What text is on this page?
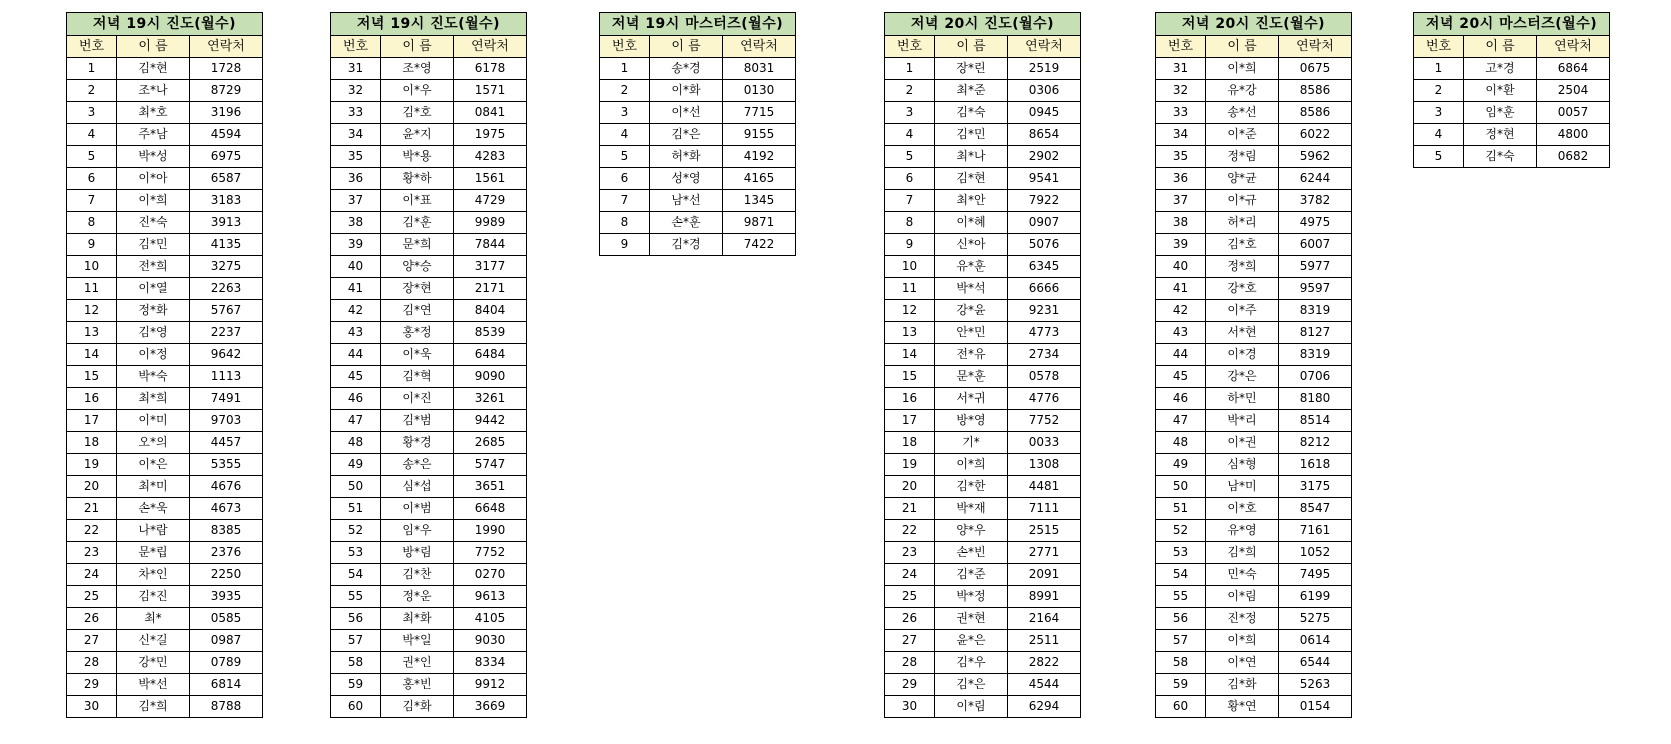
저녁 19시 진도(월수)		
번호	이 름	연락처
1	김*현	1728
2	조*나	8729
3	최*호	3196
4	주*남	4594
5	박*성	6975
6	이*아	6587
7	이*희	3183
8	진*숙	3913
9	김*민	4135
10	전*희	3275
11	이*열	2263
12	정*화	5767
13	김*영	2237
14	이*정	9642
15	박*숙	1113
16	최*희	7491
17	이*미	9703
18	오*의	4457
19	이*은	5355
20	최*미	4676
21	손*욱	4673
22	나*람	8385
23	문*립	2376
24	차*인	2250
25	김*진	3935
26	최*	0585
27	신*길	0987
28	강*민	0789
29	박*선	6814
30	김*희	8788
저녁 19시 진도(월수)		
번호	이 름	연락처
31	조*영	6178
32	이*우	1571
33	김*호	0841
34	윤*지	1975
35	박*용	4283
36	황*하	1561
37	이*표	4729
38	김*훈	9989
39	문*희	7844
40	양*승	3177
41	장*현	2171
42	김*연	8404
43	홍*정	8539
44	이*욱	6484
45	김*혁	9090
46	이*진	3261
47	김*범	9442
48	황*경	2685
49	송*은	5747
50	심*섭	3651
51	이*범	6648
52	임*우	1990
53	방*림	7752
54	김*찬	0270
55	정*운	9613
56	최*화	4105
57	박*일	9030
58	권*인	8334
59	홍*빈	9912
60	김*화	3669
저녁 19시 마스터즈(월수)		
번호	이 름	연락처
1	송*경	8031
2	이*화	0130
3	이*선	7715
4	김*은	9155
5	허*화	4192
6	성*영	4165
7	남*선	1345
8	손*훈	9871
9	김*경	7422
저녁 20시 진도(월수)		
번호	이 름	연락처
1	장*린	2519
2	최*준	0306
3	김*숙	0945
4	김*민	8654
5	최*나	2902
6	김*현	9541
7	최*안	7922
8	이*혜	0907
9	신*아	5076
10	유*훈	6345
11	박*석	6666
12	강*윤	9231
13	안*민	4773
14	전*유	2734
15	문*훈	0578
16	서*귀	4776
17	방*영	7752
18	기*	0033
19	이*희	1308
20	김*한	4481
21	박*재	7111
22	양*우	2515
23	손*빈	2771
24	김*준	2091
25	박*정	8991
26	권*현	2164
27	윤*은	2511
28	김*우	2822
29	김*은	4544
30	이*림	6294
저녁 20시 진도(월수)		
번호	이 름	연락처
31	이*희	0675
32	유*강	8586
33	송*선	8586
34	이*준	6022
35	정*림	5962
36	양*균	6244
37	이*규	3782
38	허*리	4975
39	김*호	6007
40	정*희	5977
41	강*호	9597
42	이*주	8319
43	서*현	8127
44	이*경	8319
45	강*은	0706
46	하*민	8180
47	박*리	8514
48	이*권	8212
49	심*형	1618
50	남*미	3175
51	이*호	8547
52	유*영	7161
53	김*희	1052
54	민*숙	7495
55	이*림	6199
56	진*정	5275
57	이*희	0614
58	이*연	6544
59	김*화	5263
60	황*연	0154
저녁 20시 마스터즈(월수)		
번호	이 름	연락처
1	고*경	6864
2	이*환	2504
3	임*훈	0057
4	정*현	4800
5	김*숙	0682
